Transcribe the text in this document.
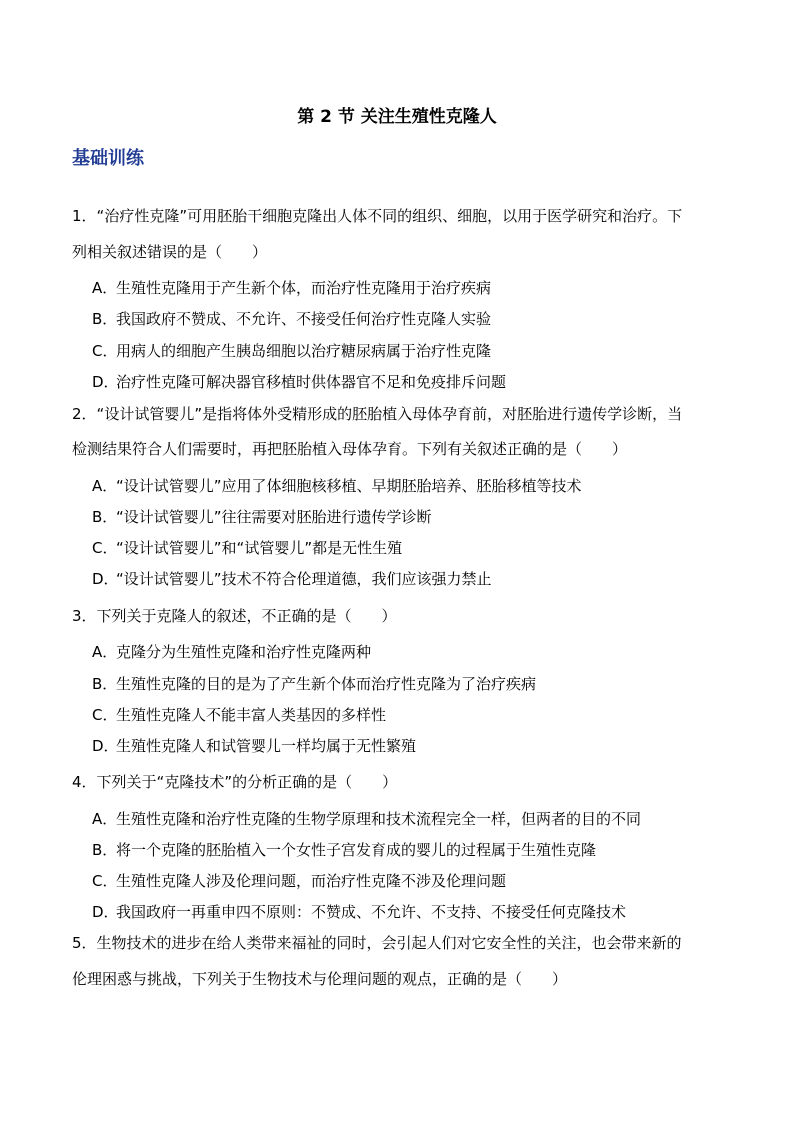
第 2 节 关注生殖性克隆人
基础训练
1．“治疗性克隆”可用胚胎干细胞克隆出人体不同的组织、细胞，以用于医学研究和治疗。下
列相关叙述错误的是（　　）
A．生殖性克隆用于产生新个体，而治疗性克隆用于治疗疾病
B．我国政府不赞成、不允许、不接受任何治疗性克隆人实验
C．用病人的细胞产生胰岛细胞以治疗糖尿病属于治疗性克隆
D．治疗性克隆可解决器官移植时供体器官不足和免疫排斥问题
2．“设计试管婴儿”是指将体外受精形成的胚胎植入母体孕育前，对胚胎进行遗传学诊断，当
检测结果符合人们需要时，再把胚胎植入母体孕育。下列有关叙述正确的是（　　）
A．“设计试管婴儿”应用了体细胞核移植、早期胚胎培养、胚胎移植等技术
B．“设计试管婴儿”往往需要对胚胎进行遗传学诊断
C．“设计试管婴儿”和“试管婴儿”都是无性生殖
D．“设计试管婴儿”技术不符合伦理道德，我们应该强力禁止
3．下列关于克隆人的叙述，不正确的是（　　）
A．克隆分为生殖性克隆和治疗性克隆两种
B．生殖性克隆的目的是为了产生新个体而治疗性克隆为了治疗疾病
C．生殖性克隆人不能丰富人类基因的多样性
D．生殖性克隆人和试管婴儿一样均属于无性繁殖
4．下列关于“克隆技术”的分析正确的是（　　）
A．生殖性克隆和治疗性克隆的生物学原理和技术流程完全一样，但两者的目的不同
B．将一个克隆的胚胎植入一个女性子宫发育成的婴儿的过程属于生殖性克隆
C．生殖性克隆人涉及伦理问题，而治疗性克隆不涉及伦理问题
D．我国政府一再重申四不原则：不赞成、不允许、不支持、不接受任何克隆技术
5．生物技术的进步在给人类带来福祉的同时，会引起人们对它安全性的关注，也会带来新的
伦理困惑与挑战，下列关于生物技术与伦理问题的观点，正确的是（　　）
